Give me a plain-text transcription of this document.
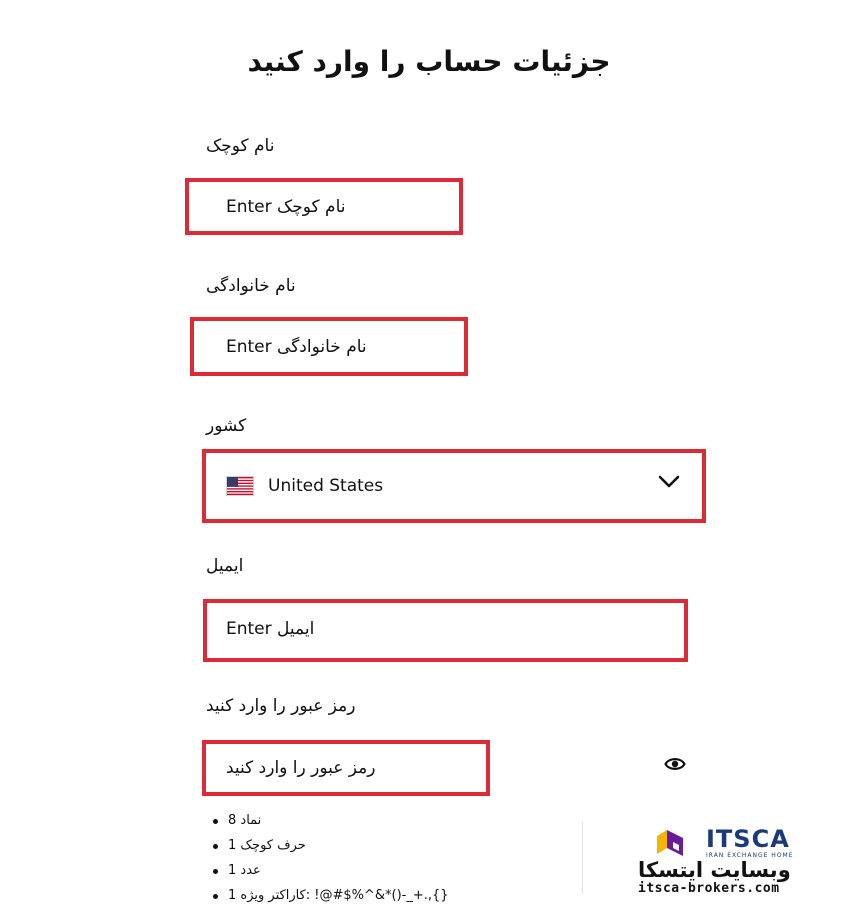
جزئیات حساب را وارد کنید
نام کوچک
Enter نام کوچک
نام خانوادگی
Enter نام خانوادگی
کشور
United States
ایمیل
Enter ایمیل
رمز عبور را وارد کنید
رمز عبور را وارد کنید
8 نماد
1 حرف کوچک
1 عدد
1 کاراکتر ویژه: !@#$%^&*()-_+.,{}
ITSCA
IRAN EXCHANGE HOME
وبسایت ایتسکا
itsca-brokers.com
